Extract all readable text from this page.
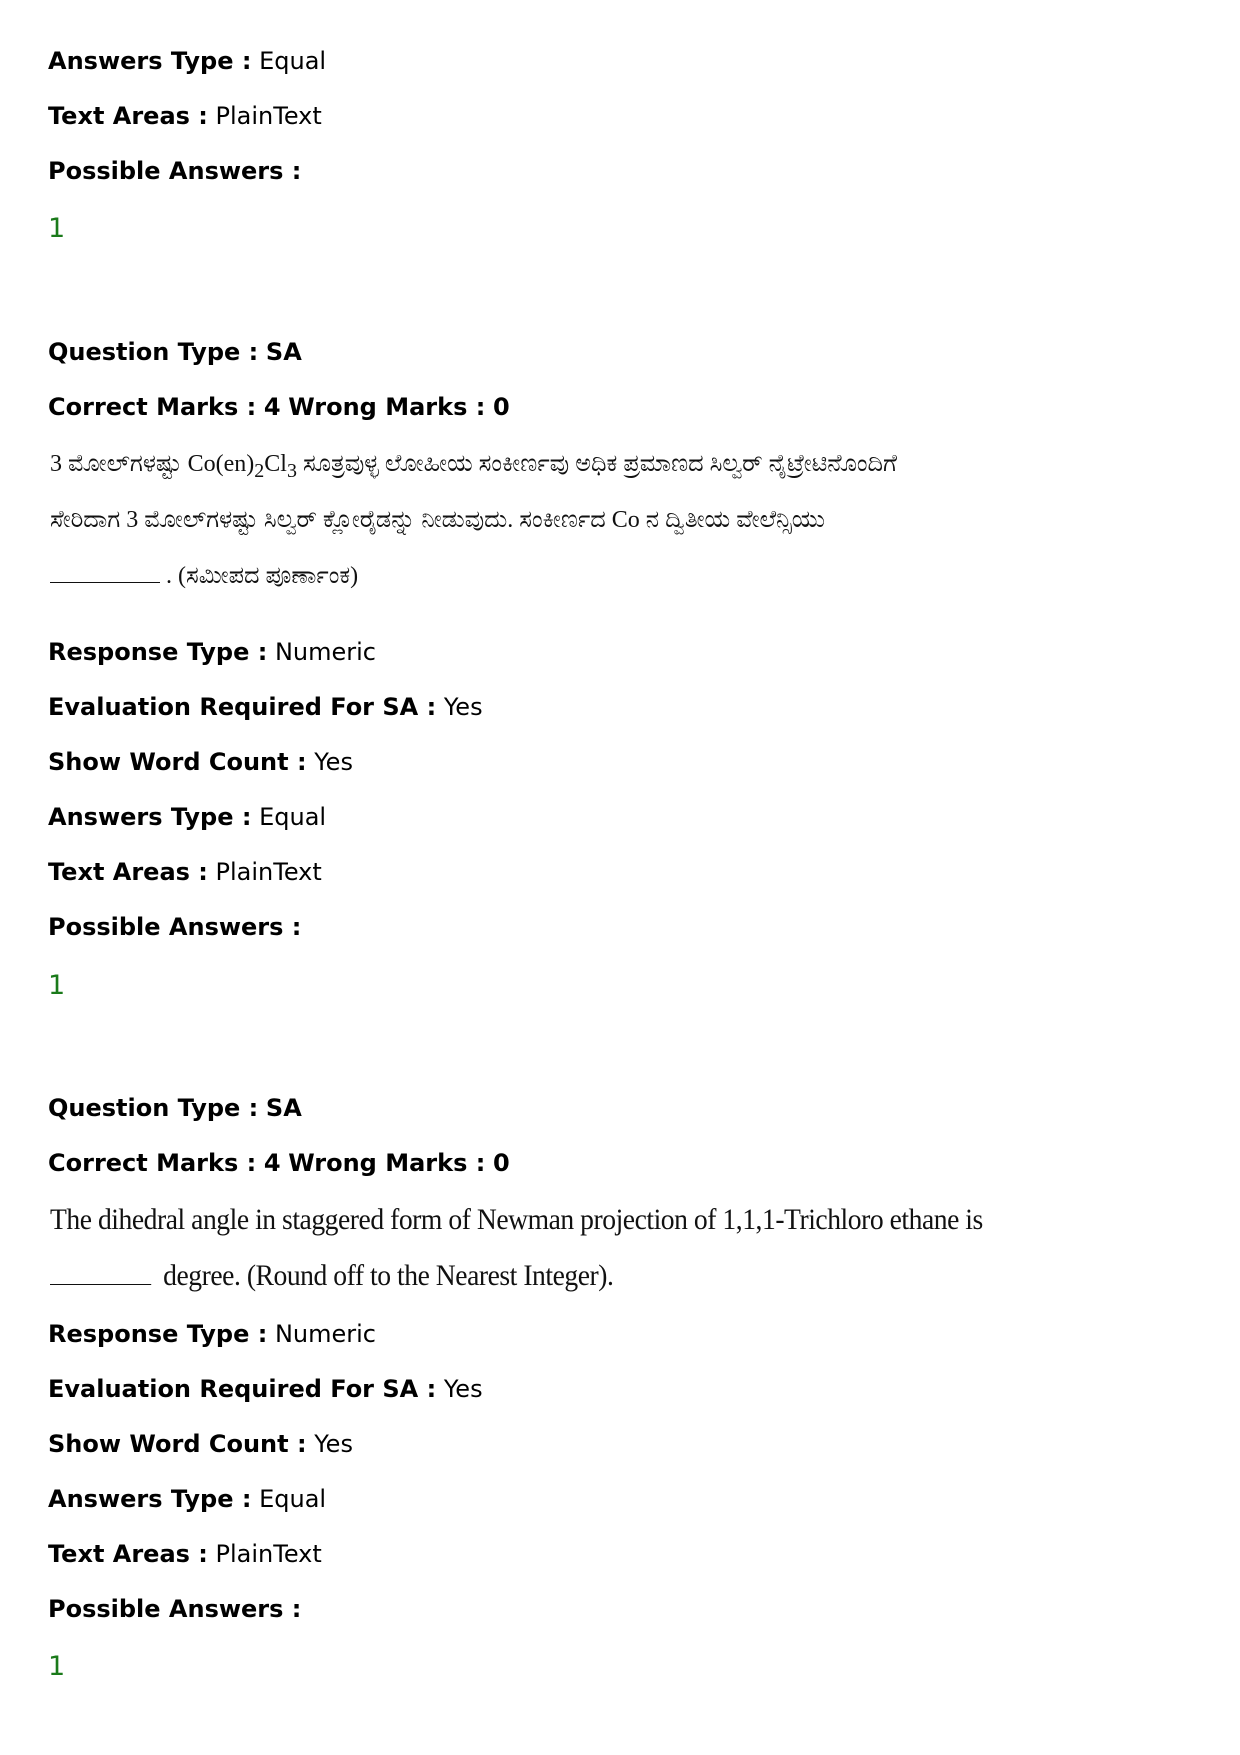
Answers Type : Equal
Text Areas : PlainText
Possible Answers :
1
Question Type : SA
Correct Marks : 4 Wrong Marks : 0
3 ಮೋಲ್‌ಗಳಷ್ಟು $Co(en)_2Cl_3$ ಸೂತ್ರವುಳ್ಳ ಲೋಹೀಯ ಸಂಕೀರ್ಣವು ಅಧಿಕ ಪ್ರಮಾಣದ ಸಿಲ್ವರ್ ನೈಟ್ರೇಟಿನೊಂದಿಗೆ
ಸೇರಿದಾಗ 3 ಮೋಲ್‌ಗಳಷ್ಟು ಸಿಲ್ವರ್ ಕ್ಲೋರೈಡನ್ನು ನೀಡುವುದು. ಸಂಕೀರ್ಣದ Co ನ ದ್ವಿತೀಯ ವೇಲೆನ್ಸಿಯು
. (ಸಮೀಪದ ಪೂರ್ಣಾಂಕ)
Response Type : Numeric
Evaluation Required For SA : Yes
Show Word Count : Yes
Answers Type : Equal
Text Areas : PlainText
Possible Answers :
1
Question Type : SA
Correct Marks : 4 Wrong Marks : 0
The dihedral angle in staggered form of Newman projection of 1,1,1-Trichloro ethane is
degree. (Round off to the Nearest Integer).
Response Type : Numeric
Evaluation Required For SA : Yes
Show Word Count : Yes
Answers Type : Equal
Text Areas : PlainText
Possible Answers :
1
